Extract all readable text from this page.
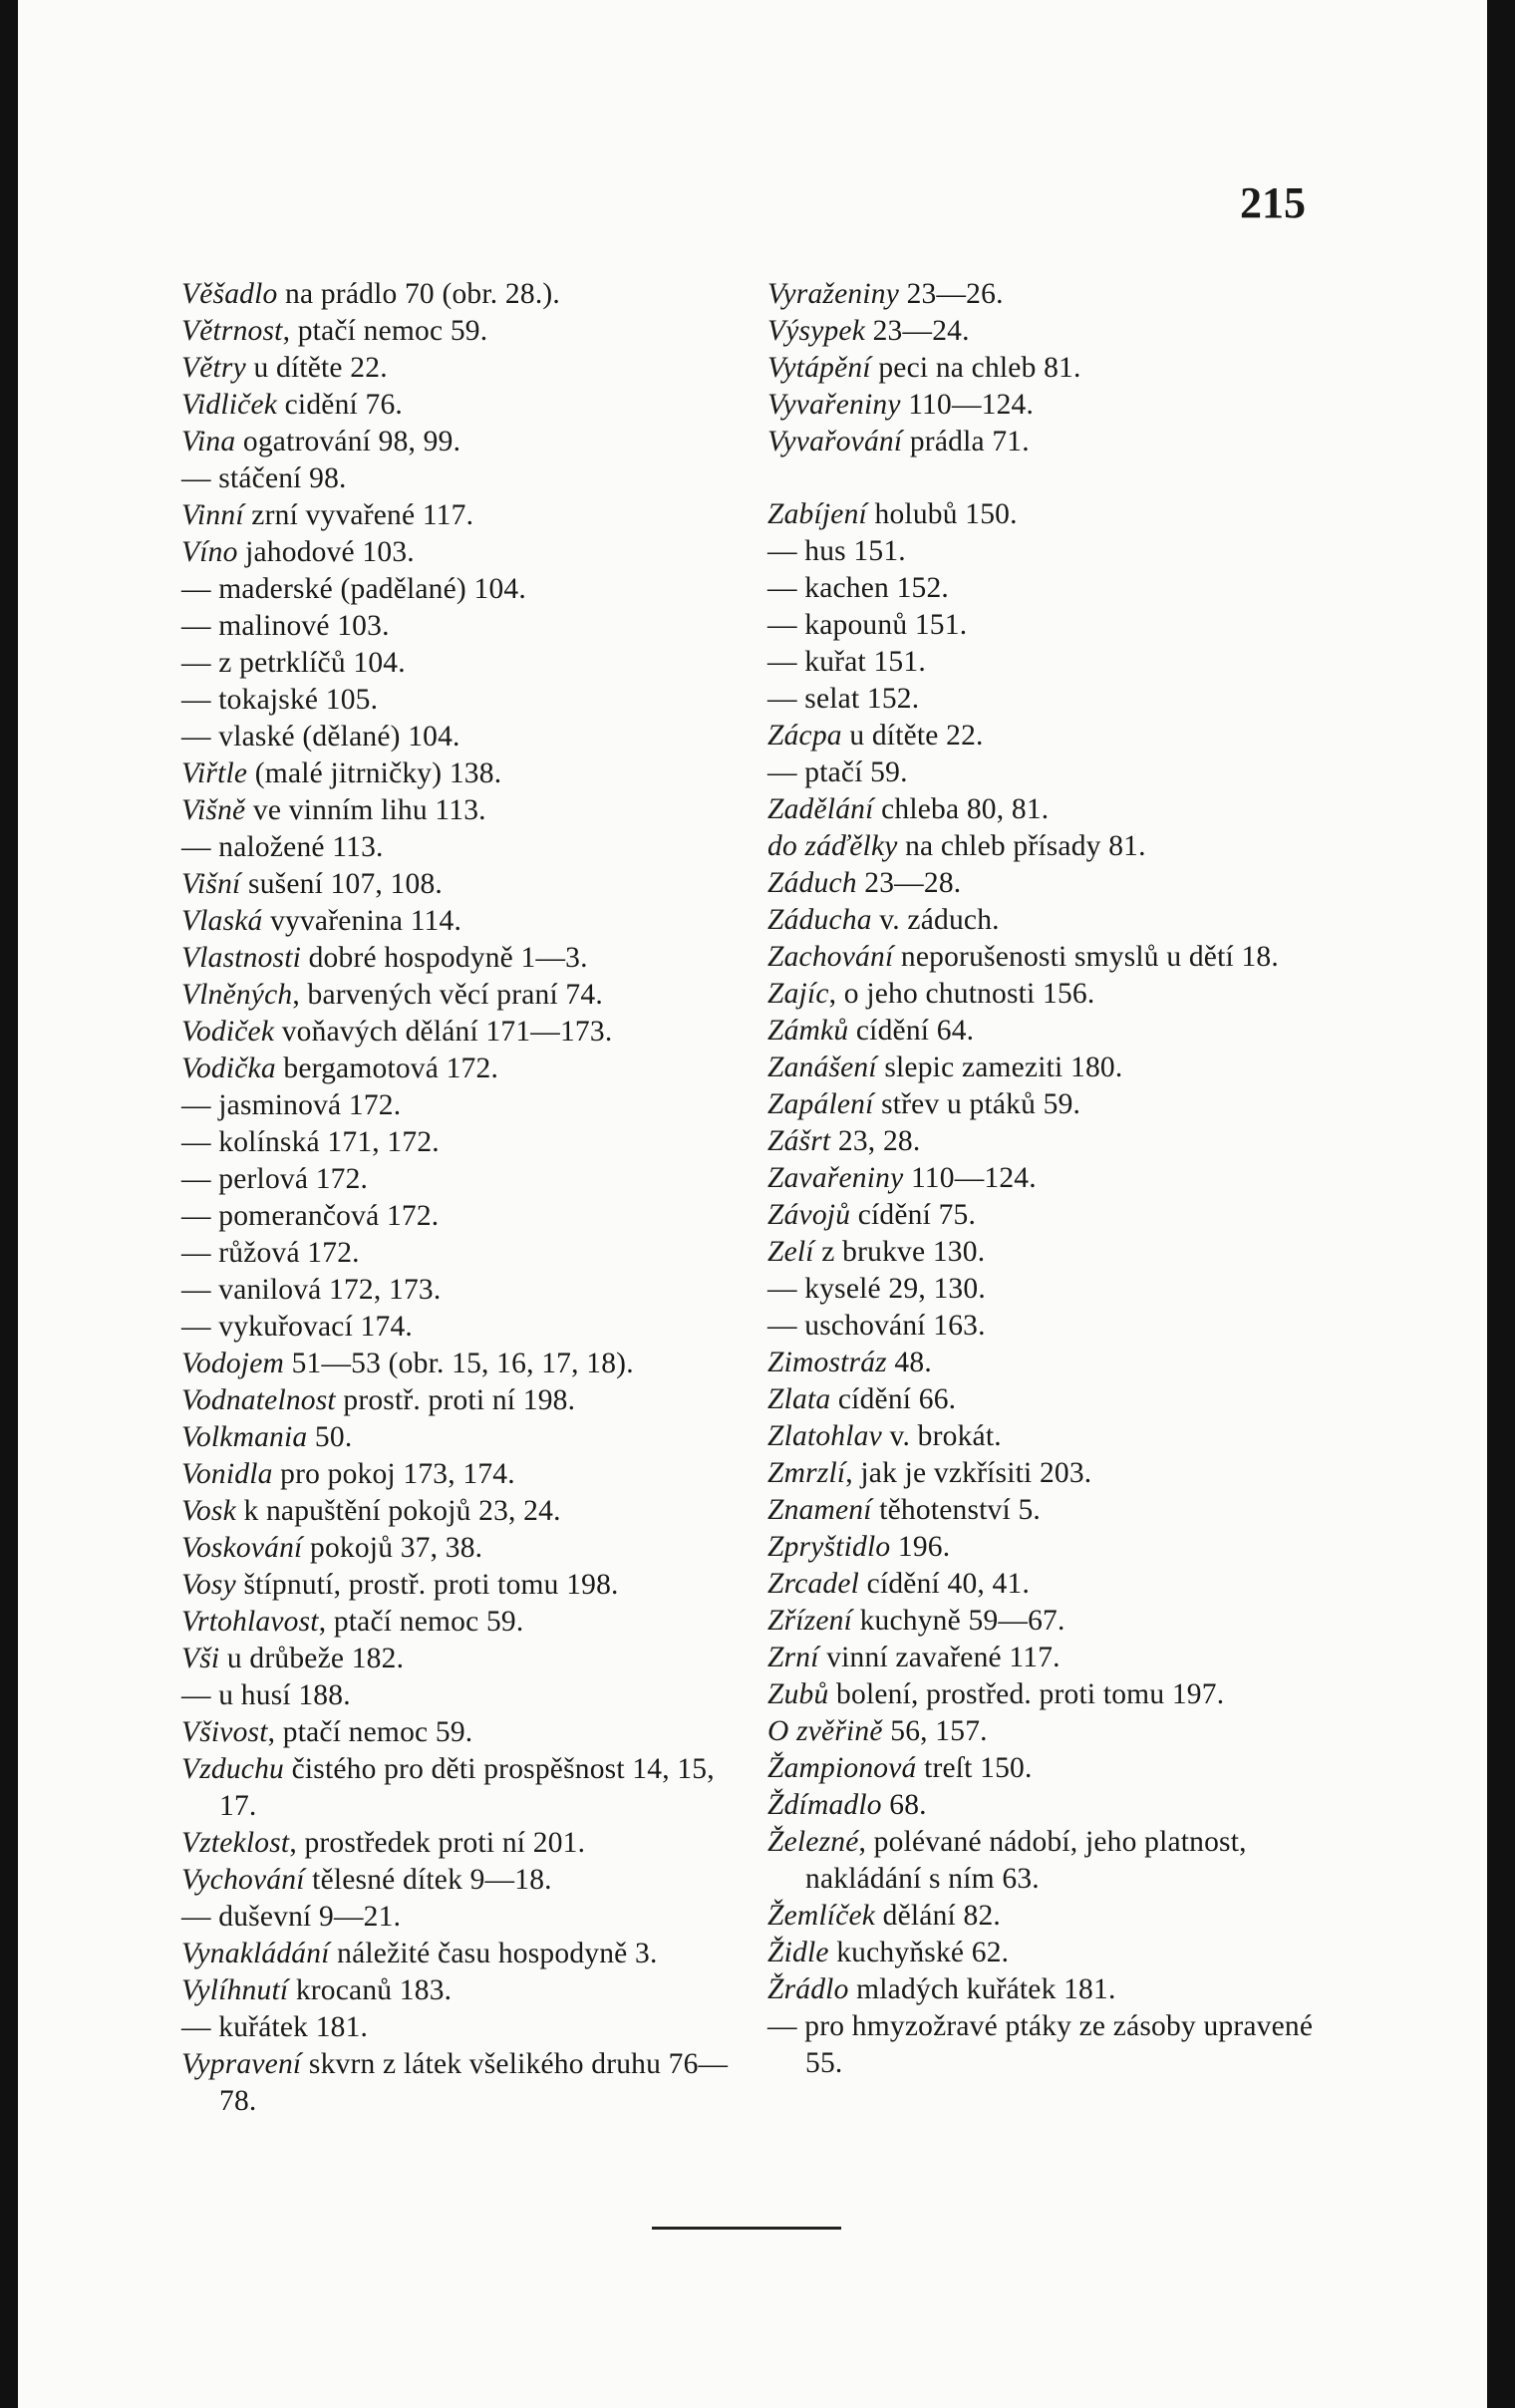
215
Věšadlo na prádlo 70 (obr. 28.).
Větrnost, ptačí nemoc 59.
Větry u dítěte 22.
Vidliček cidění 76.
Vina ogatrování 98, 99.
— stáčení 98.
Vinní zrní vyvařené 117.
Víno jahodové 103.
— maderské (padělané) 104.
— malinové 103.
— z petrklíčů 104.
— tokajské 105.
— vlaské (dělané) 104.
Viřtle (malé jitrničky) 138.
Višně ve vinním lihu 113.
— naložené 113.
Višní sušení 107, 108.
Vlaská vyvařenina 114.
Vlastnosti dobré hospodyně 1—3.
Vlněných, barvených věcí praní 74.
Vodiček voňavých dělání 171—173.
Vodička bergamotová 172.
— jasminová 172.
— kolínská 171, 172.
— perlová 172.
— pomerančová 172.
— růžová 172.
— vanilová 172, 173.
— vykuřovací 174.
Vodojem 51—53 (obr. 15, 16, 17, 18).
Vodnatelnost prostř. proti ní 198.
Volkmania 50.
Vonidla pro pokoj 173, 174.
Vosk k napuštění pokojů 23, 24.
Voskování pokojů 37, 38.
Vosy štípnutí, prostř. proti tomu 198.
Vrtohlavost, ptačí nemoc 59.
Vši u drůbeže 182.
— u husí 188.
Všivost, ptačí nemoc 59.
Vzduchu čistého pro děti prospěšnost 14, 15, 17.
Vzteklost, prostředek proti ní 201.
Vychování tělesné dítek 9—18.
— duševní 9—21.
Vynakládání náležité času hospodyně 3.
Vylíhnutí krocanů 183.
— kuřátek 181.
Vypravení skvrn z látek všelikého druhu 76—78.
Vyraženiny 23—26.
Výsypek 23—24.
Vytápění peci na chleb 81.
Vyvařeniny 110—124.
Vyvařování prádla 71.
Zabíjení holubů 150.
— hus 151.
— kachen 152.
— kapounů 151.
— kuřat 151.
— selat 152.
Zácpa u dítěte 22.
— ptačí 59.
Zadělání chleba 80, 81.
do záďělky na chleb přísady 81.
Záduch 23—28.
Záducha v. záduch.
Zachování neporušenosti smyslů u dětí 18.
Zajíc, o jeho chutnosti 156.
Zámků cídění 64.
Zanášení slepic zameziti 180.
Zapálení střev u ptáků 59.
Zášrt 23, 28.
Zavařeniny 110—124.
Závojů cídění 75.
Zelí z brukve 130.
— kyselé 29, 130.
— uschování 163.
Zimostráz 48.
Zlata cídění 66.
Zlatohlav v. brokát.
Zmrzlí, jak je vzkřísiti 203.
Znamení těhotenství 5.
Zpryštidlo 196.
Zrcadel cídění 40, 41.
Zřízení kuchyně 59—67.
Zrní vinní zavařené 117.
Zubů bolení, prostřed. proti tomu 197.
O zvěřině 56, 157.
Žampionová treſt 150.
Ždímadlo 68.
Železné, polévané nádobí, jeho platnost, nakládání s ním 63.
Žemlíček dělání 82.
Židle kuchyňské 62.
Žrádlo mladých kuřátek 181.
— pro hmyzožravé ptáky ze zásoby upravené 55.
